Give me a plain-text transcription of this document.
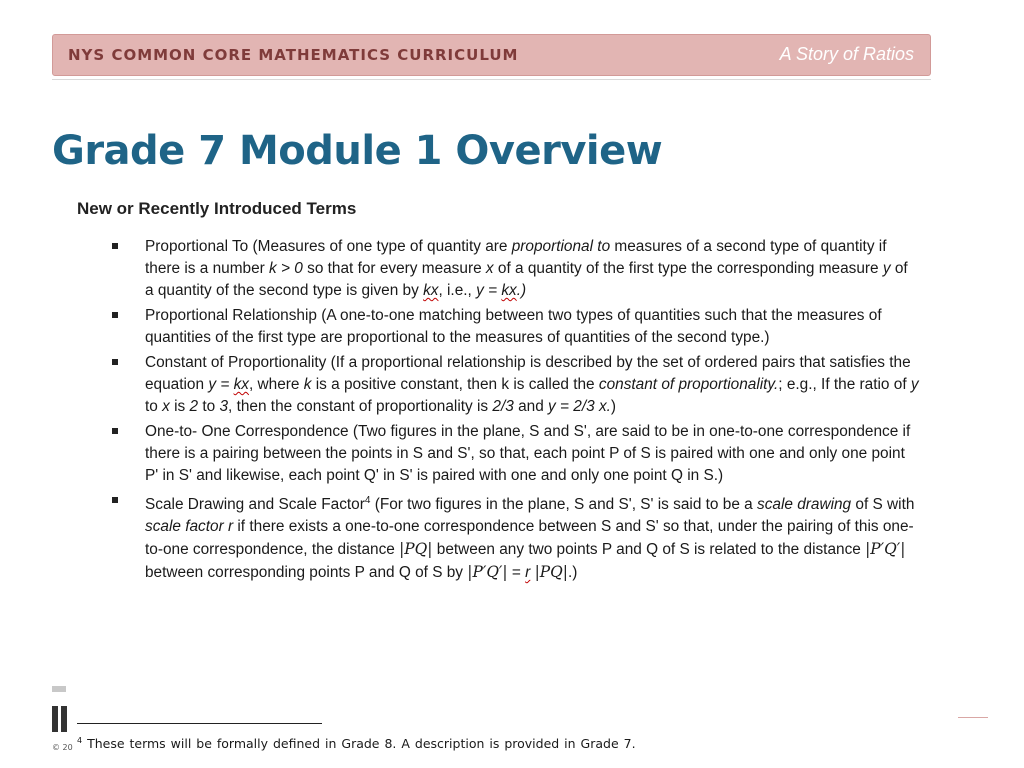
NYS COMMON CORE MATHEMATICS CURRICULUM	A Story of Ratios
Grade 7 Module 1 Overview
New or Recently Introduced Terms
Proportional To (Measures of one type of quantity are proportional to measures of a second type of quantity if there is a number k > 0 so that for every measure x of a quantity of the first type the corresponding measure y of a quantity of the second type is given by kx, i.e., y = kx.)
Proportional Relationship (A one-to-one matching between two types of quantities such that the measures of quantities of the first type are proportional to the measures of quantities of the second type.)
Constant of Proportionality (If a proportional relationship is described by the set of ordered pairs that satisfies the equation y = kx, where k is a positive constant, then k is called the constant of proportionality.; e.g., If the ratio of y to x is 2 to 3, then the constant of proportionality is 2/3 and y = 2/3 x.)
One-to- One Correspondence (Two figures in the plane, S and S', are said to be in one-to-one correspondence if there is a pairing between the points in S and S', so that, each point P of S is paired with one and only one point P' in S' and likewise, each point Q' in S' is paired with one and only one point Q in S.)
Scale Drawing and Scale Factor$^4$ (For two figures in the plane, S and S', S' is said to be a scale drawing of S with scale factor r if there exists a one-to-one correspondence between S and S' so that, under the pairing of this one-to-one correspondence, the distance |PQ| between any two points P and Q of S is related to the distance |P′Q′| between corresponding points P and Q of S by |P′Q′| = r |PQ|.)
© 20
$^4$ These terms will be formally defined in Grade 8. A description is provided in Grade 7.
